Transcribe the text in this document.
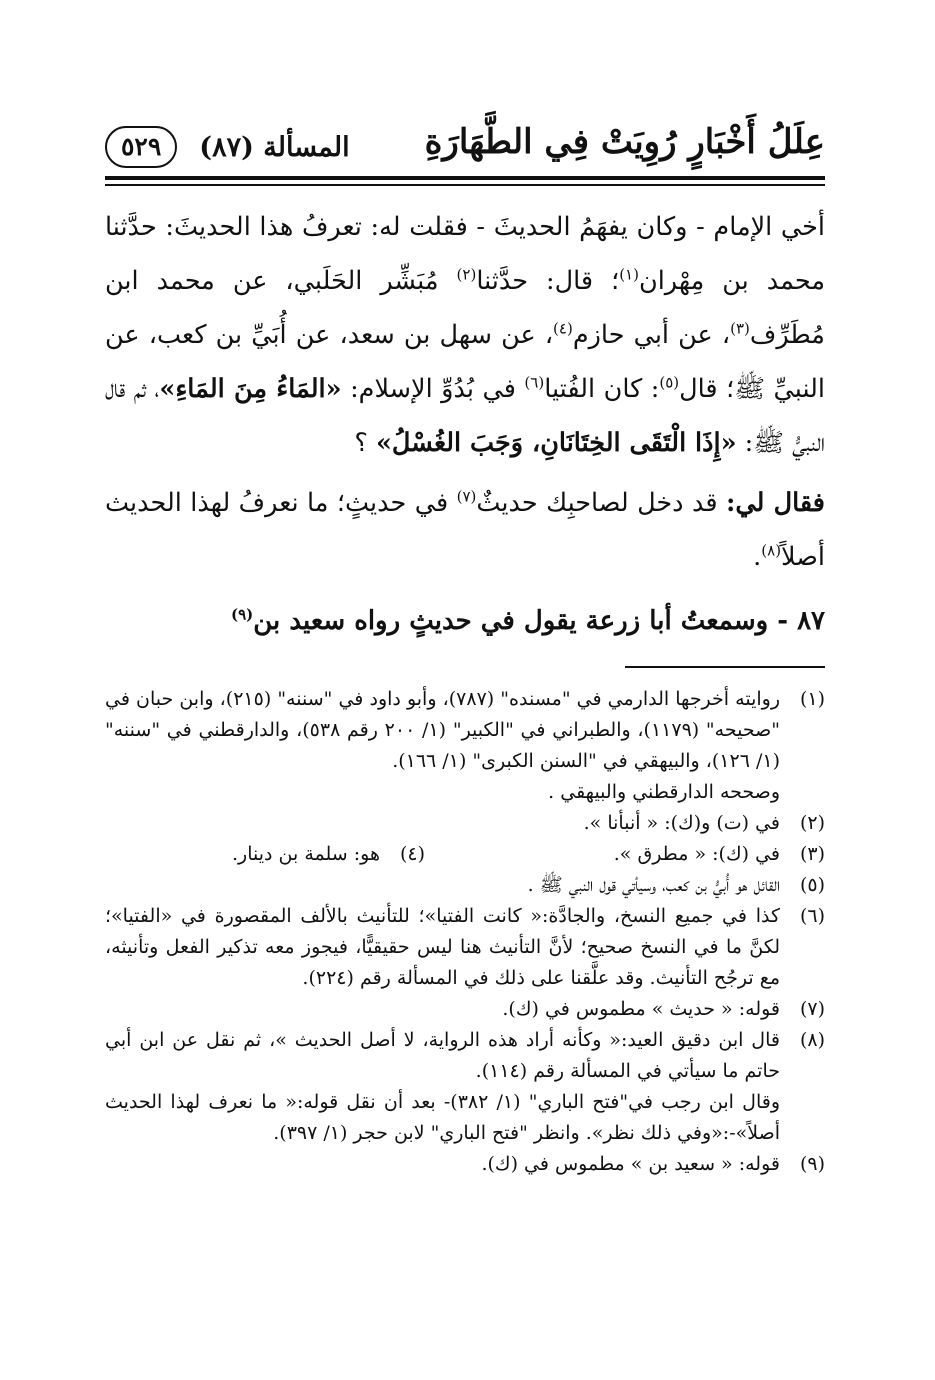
عِلَلُ أَخْبَارٍ رُوِيَتْ فِي الطَّهَارَةِ
٥٢٩	المسألة (٨٧)

أخي الإمام - وكان يفهَمُ الحديثَ - فقلت له: تعرفُ هذا الحديثَ: حدَّثنا محمد بن مِهْران$^{(١)}$؛ قال: حدَّثنا$^{(٢)}$ مُبَشِّر الحَلَبي، عن محمد ابن مُطَرِّف$^{(٣)}$، عن أبي حازم$^{(٤)}$، عن سهل بن سعد، عن أُبَيِّ بن كعب، عن النبيِّ ﷺ؛ قال$^{(٥)}$: كان الفُتيا$^{(٦)}$ في بُدُوِّ الإسلام: «المَاءُ مِنَ المَاءِ»، ثم قال النبيُّ ﷺ: «إِذَا الْتَقَى الخِتَانَانِ، وَجَبَ الغُسْلُ» ؟

فقال لي: قد دخل لصاحبِك حديثٌ$^{(٧)}$ في حديثٍ؛ ما نعرفُ لهذا الحديث أصلاً$^{(٨)}$.

٨٧ - وسمعتُ أبا زرعة يقول في حديثٍ رواه سعيد بن$^{(٩)}$

(١)
روايته أخرجها الدارمي في "مسنده" (٧٨٧)، وأبو داود في "سننه" (٢١٥)، وابن حبان في "صحيحه" (١١٧٩)، والطبراني في "الكبير" (١/ ٢٠٠ رقم ٥٣٨)، والدارقطني في "سننه" (١/ ١٢٦)، والبيهقي في "السنن الكبرى" (١/ ١٦٦).
وصححه الدارقطني والبيهقي .
(٢)
في (ت) و(ك): « أنبأنا ».
(٣)
في (ك): « مطرق ».
(٤)
هو: سلمة بن دينار.
(٥)
القائل هو أُبيُّ بن كعب، وسيأتي قول النبي ﷺ .
(٦)
كذا في جميع النسخ، والجادَّة:« كانت الفتيا»؛ للتأنيث بالألف المقصورة في «الفتيا»؛ لكنَّ ما في النسخ صحيح؛ لأنَّ التأنيث هنا ليس حقيقيًّا، فيجوز معه تذكير الفعل وتأنيثه، مع ترجُح التأنيث. وقد علَّقنا على ذلك في المسألة رقم (٢٢٤).
(٧)
قوله: « حديث » مطموس في (ك).
(٨)
قال ابن دقيق العيد:« وكأنه أراد هذه الرواية، لا أصل الحديث »، ثم نقل عن ابن أبي حاتم ما سيأتي في المسألة رقم (١١٤).
وقال ابن رجب في"فتح الباري" (١/ ٣٨٢)- بعد أن نقل قوله:« ما نعرف لهذا الحديث أصلاً»-:«وفي ذلك نظر». وانظر "فتح الباري" لابن حجر (١/ ٣٩٧).
(٩)
قوله: « سعيد بن » مطموس في (ك).
